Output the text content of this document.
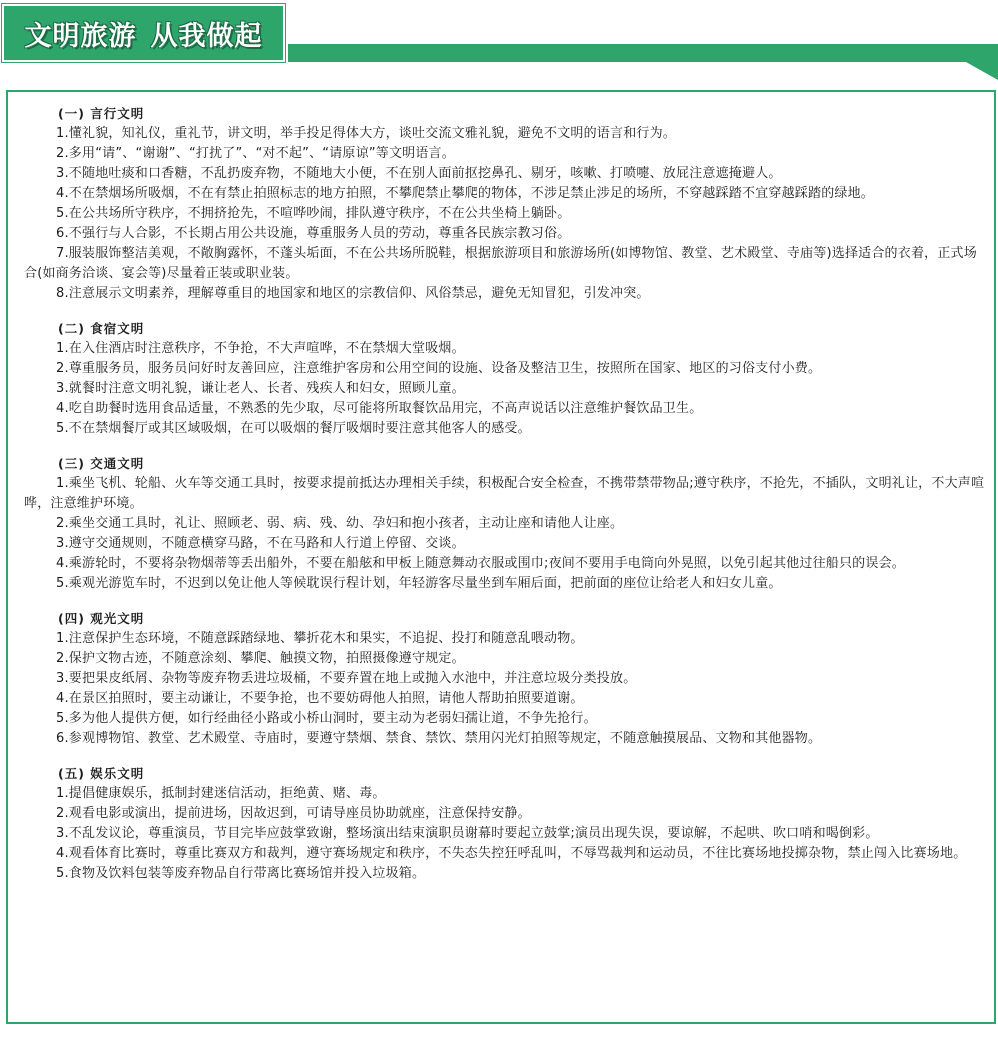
文明旅游 从我做起
(一) 言行文明

1.懂礼貌，知礼仪，重礼节，讲文明，举手投足得体大方，谈吐交流文雅礼貌，避免不文明的语言和行为。

2.多用“请”、“谢谢”、“打扰了”、“对不起”、“请原谅”等文明语言。

3.不随地吐痰和口香糖，不乱扔废弃物，不随地大小便，不在别人面前抠挖鼻孔、剔牙，咳嗽、打喷嚏、放屁注意遮掩避人。

4.不在禁烟场所吸烟，不在有禁止拍照标志的地方拍照，不攀爬禁止攀爬的物体，不涉足禁止涉足的场所，不穿越踩踏不宜穿越踩踏的绿地。

5.在公共场所守秩序，不拥挤抢先，不喧哗吵闹，排队遵守秩序，不在公共坐椅上躺卧。

6.不强行与人合影，不长期占用公共设施，尊重服务人员的劳动，尊重各民族宗教习俗。

7.服装服饰整洁美观，不敞胸露怀，不蓬头垢面，不在公共场所脱鞋，根据旅游项目和旅游场所(如博物馆、教堂、艺术殿堂、寺庙等)选择适合的衣着，正式场合(如商务洽谈、宴会等)尽量着正装或职业装。

8.注意展示文明素养，理解尊重目的地国家和地区的宗教信仰、风俗禁忌，避免无知冒犯，引发冲突。

(二) 食宿文明

1.在入住酒店时注意秩序，不争抢，不大声喧哗，不在禁烟大堂吸烟。

2.尊重服务员，服务员问好时友善回应，注意维护客房和公用空间的设施、设备及整洁卫生，按照所在国家、地区的习俗支付小费。

3.就餐时注意文明礼貌，谦让老人、长者、残疾人和妇女，照顾儿童。

4.吃自助餐时选用食品适量，不熟悉的先少取，尽可能将所取餐饮品用完，不高声说话以注意维护餐饮品卫生。

5.不在禁烟餐厅或其区域吸烟，在可以吸烟的餐厅吸烟时要注意其他客人的感受。

(三) 交通文明

1.乘坐飞机、轮船、火车等交通工具时，按要求提前抵达办理相关手续，积极配合安全检查，不携带禁带物品;遵守秩序，不抢先，不插队，文明礼让，不大声喧哗，注意维护环境。

2.乘坐交通工具时，礼让、照顾老、弱、病、残、幼、孕妇和抱小孩者，主动让座和请他人让座。

3.遵守交通规则，不随意横穿马路，不在马路和人行道上停留、交谈。

4.乘游轮时，不要将杂物烟蒂等丢出船外，不要在船舷和甲板上随意舞动衣服或围巾;夜间不要用手电筒向外晃照，以免引起其他过往船只的误会。

5.乘观光游览车时，不迟到以免让他人等候耽误行程计划，年轻游客尽量坐到车厢后面，把前面的座位让给老人和妇女儿童。

(四) 观光文明

1.注意保护生态环境，不随意踩踏绿地、攀折花木和果实，不追捉、投打和随意乱喂动物。

2.保护文物古迹，不随意涂刻、攀爬、触摸文物，拍照摄像遵守规定。

3.要把果皮纸屑、杂物等废弃物丢进垃圾桶，不要弃置在地上或抛入水池中，并注意垃圾分类投放。

4.在景区拍照时，要主动谦让，不要争抢，也不要妨碍他人拍照，请他人帮助拍照要道谢。

5.多为他人提供方便，如行经曲径小路或小桥山洞时，要主动为老弱妇孺让道，不争先抢行。

6.参观博物馆、教堂、艺术殿堂、寺庙时，要遵守禁烟、禁食、禁饮、禁用闪光灯拍照等规定，不随意触摸展品、文物和其他器物。

(五) 娱乐文明

1.提倡健康娱乐，抵制封建迷信活动，拒绝黄、赌、毒。

2.观看电影或演出，提前进场，因故迟到，可请导座员协助就座，注意保持安静。

3.不乱发议论，尊重演员，节目完毕应鼓掌致谢，整场演出结束演职员谢幕时要起立鼓掌;演员出现失误，要谅解，不起哄、吹口哨和喝倒彩。

4.观看体育比赛时，尊重比赛双方和裁判，遵守赛场规定和秩序，不失态失控狂呼乱叫，不辱骂裁判和运动员，不往比赛场地投掷杂物，禁止闯入比赛场地。

5.食物及饮料包装等废弃物品自行带离比赛场馆并投入垃圾箱。
